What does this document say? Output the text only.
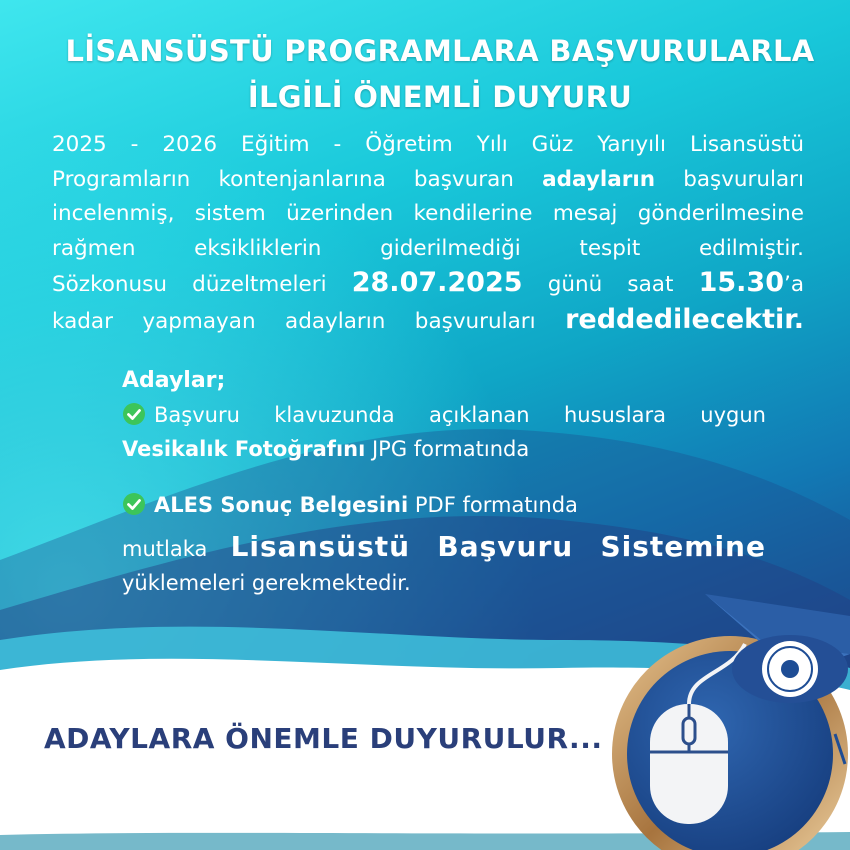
LİSANSÜSTÜ PROGRAMLARA BAŞVURULARLA
İLGİLİ ÖNEMLİ DUYURU

2025 - 2026 Eğitim - Öğretim Yılı Güz Yarıyılı Lisansüstü
Programların kontenjanlarına başvuran adayların başvuruları
incelenmiş, sistem üzerinden kendilerine mesaj gönderilmesine
rağmen eksikliklerin giderilmediği tespit edilmiştir.
Sözkonusu düzeltmeleri 28.07.2025 günü saat 15.30’a
kadar yapmayan adayların başvuruları reddedilecektir.

Adaylar;
Başvuru klavuzunda açıklanan hususlara uygun
Vesikalık Fotoğrafını JPG formatında
ALES Sonuç Belgesini PDF formatında
mutlaka Lisansüstü Başvuru Sistemine
yüklemeleri gerekmektedir.

ADAYLARA ÖNEMLE DUYURULUR...
